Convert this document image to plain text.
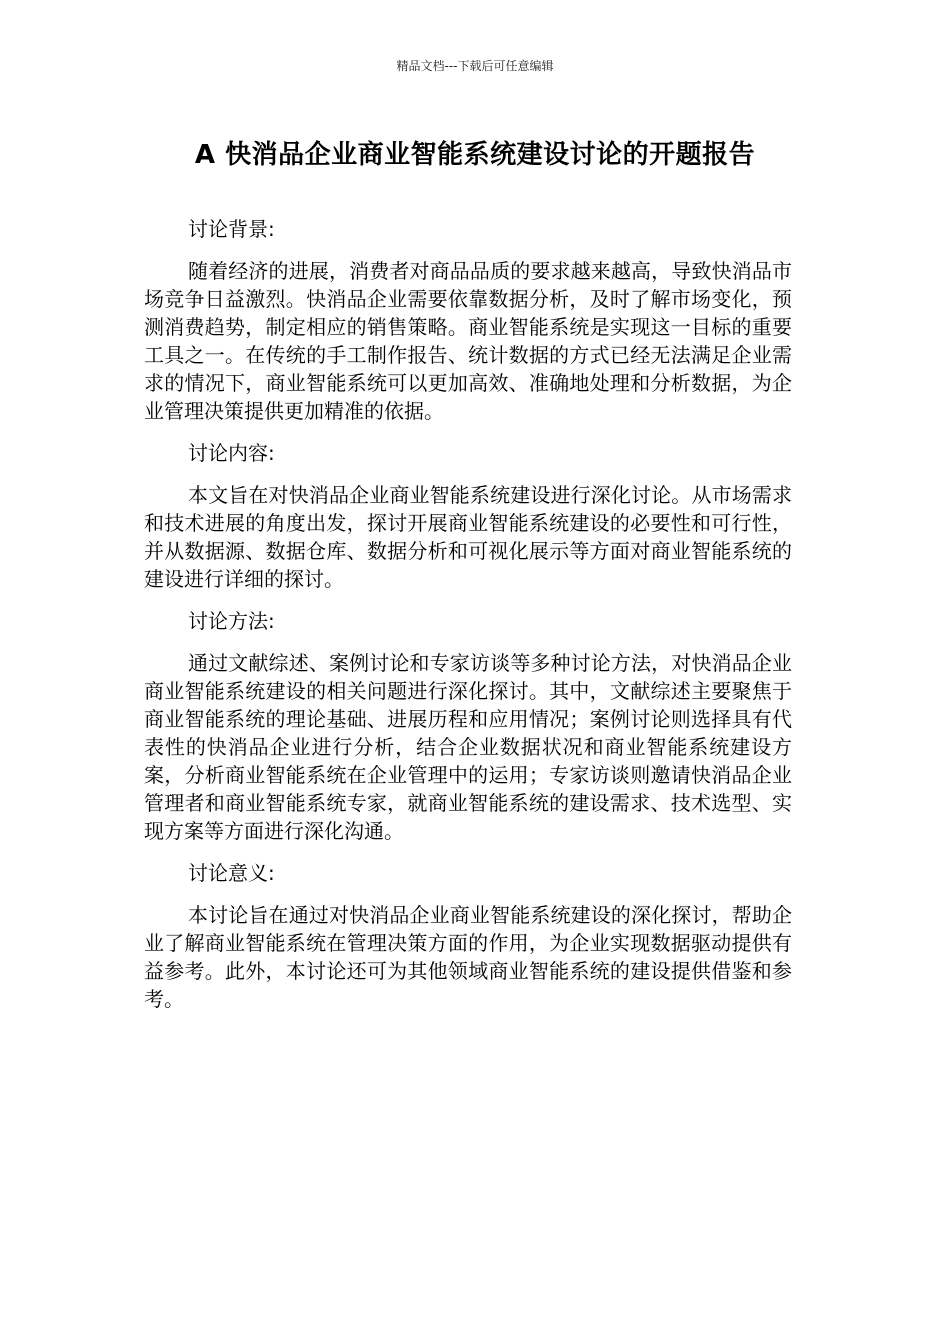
精品文档---下载后可任意编辑
A 快消品企业商业智能系统建设讨论的开题报告

讨论背景:

随着经济的进展，消费者对商品品质的要求越来越高，导致快消品市场竞争日益激烈。快消品企业需要依靠数据分析，及时了解市场变化，预测消费趋势，制定相应的销售策略。商业智能系统是实现这一目标的重要工具之一。在传统的手工制作报告、统计数据的方式已经无法满足企业需求的情况下，商业智能系统可以更加高效、准确地处理和分析数据，为企业管理决策提供更加精准的依据。

讨论内容:

本文旨在对快消品企业商业智能系统建设进行深化讨论。从市场需求和技术进展的角度出发，探讨开展商业智能系统建设的必要性和可行性，并从数据源、数据仓库、数据分析和可视化展示等方面对商业智能系统的建设进行详细的探讨。

讨论方法:

通过文献综述、案例讨论和专家访谈等多种讨论方法，对快消品企业商业智能系统建设的相关问题进行深化探讨。其中，文献综述主要聚焦于商业智能系统的理论基础、进展历程和应用情况；案例讨论则选择具有代表性的快消品企业进行分析，结合企业数据状况和商业智能系统建设方案，分析商业智能系统在企业管理中的运用；专家访谈则邀请快消品企业管理者和商业智能系统专家，就商业智能系统的建设需求、技术选型、实现方案等方面进行深化沟通。

讨论意义:

本讨论旨在通过对快消品企业商业智能系统建设的深化探讨，帮助企业了解商业智能系统在管理决策方面的作用，为企业实现数据驱动提供有益参考。此外，本讨论还可为其他领域商业智能系统的建设提供借鉴和参考。
